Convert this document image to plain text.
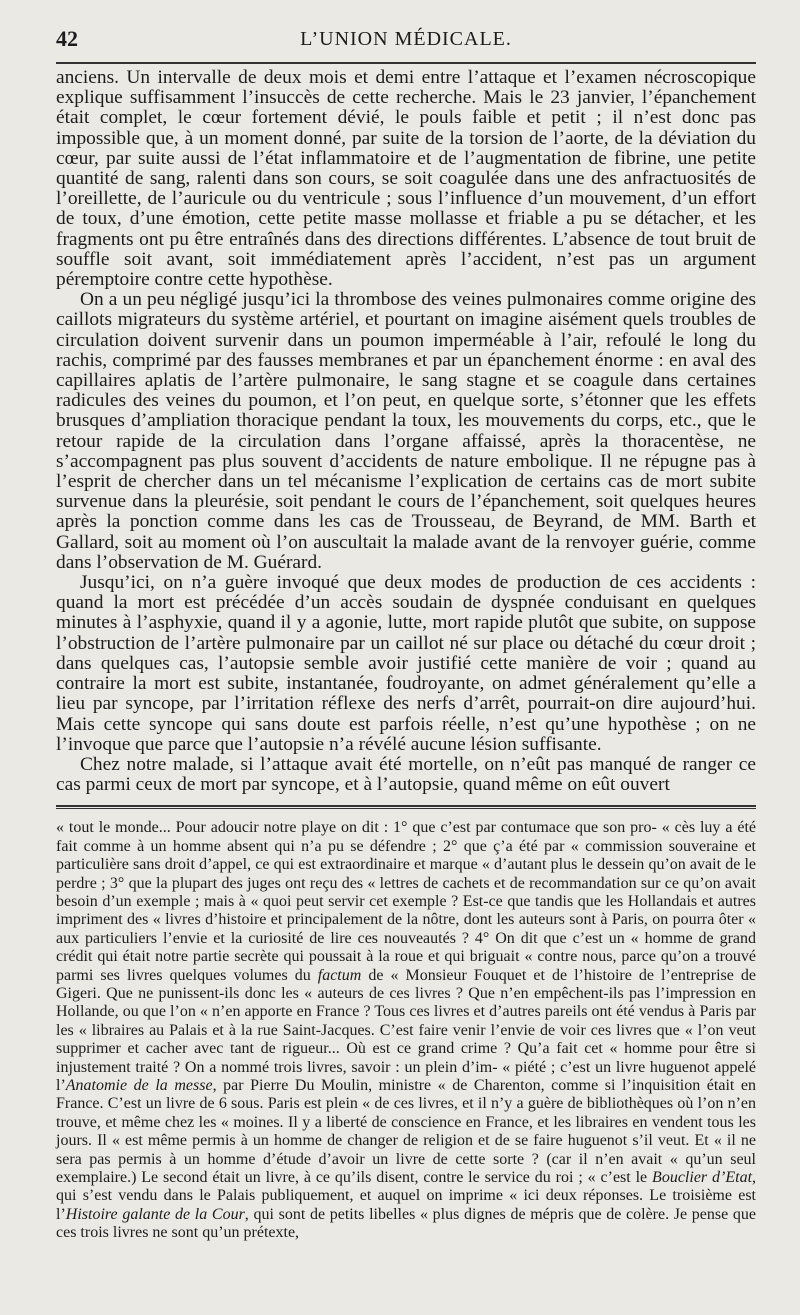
42	L’UNION MÉDICALE.

anciens. Un intervalle de deux mois et demi entre l’attaque et l’examen nécroscopique explique suffisamment l’insuccès de cette recherche. Mais le 23 janvier, l’épanchement était complet, le cœur fortement dévié, le pouls faible et petit ; il n’est donc pas impossible que, à un moment donné, par suite de la torsion de l’aorte, de la déviation du cœur, par suite aussi de l’état inflammatoire et de l’augmentation de fibrine, une petite quantité de sang, ralenti dans son cours, se soit coagulée dans une des anfractuosités de l’oreillette, de l’auricule ou du ventricule ; sous l’influence d’un mouvement, d’un effort de toux, d’une émotion, cette petite masse mollasse et friable a pu se détacher, et les fragments ont pu être entraînés dans des directions différentes. L’absence de tout bruit de souffle soit avant, soit immédiatement après l’accident, n’est pas un argument péremptoire contre cette hypothèse.

On a un peu négligé jusqu’ici la thrombose des veines pulmonaires comme origine des caillots migrateurs du système artériel, et pourtant on imagine aisément quels troubles de circulation doivent survenir dans un poumon imperméable à l’air, refoulé le long du rachis, comprimé par des fausses membranes et par un épanchement énorme : en aval des capillaires aplatis de l’artère pulmonaire, le sang stagne et se coagule dans certaines radicules des veines du poumon, et l’on peut, en quelque sorte, s’étonner que les effets brusques d’ampliation thoracique pendant la toux, les mouvements du corps, etc., que le retour rapide de la circulation dans l’organe affaissé, après la thoracentèse, ne s’accompagnent pas plus souvent d’accidents de nature embolique. Il ne répugne pas à l’esprit de chercher dans un tel mécanisme l’explication de certains cas de mort subite survenue dans la pleurésie, soit pendant le cours de l’épanchement, soit quelques heures après la ponction comme dans les cas de Trousseau, de Beyrand, de MM. Barth et Gallard, soit au moment où l’on auscultait la malade avant de la renvoyer guérie, comme dans l’observation de M. Guérard.

Jusqu’ici, on n’a guère invoqué que deux modes de production de ces accidents : quand la mort est précédée d’un accès soudain de dyspnée conduisant en quelques minutes à l’asphyxie, quand il y a agonie, lutte, mort rapide plutôt que subite, on suppose l’obstruction de l’artère pulmonaire par un caillot né sur place ou détaché du cœur droit ; dans quelques cas, l’autopsie semble avoir justifié cette manière de voir ; quand au contraire la mort est subite, instantanée, foudroyante, on admet généralement qu’elle a lieu par syncope, par l’irritation réflexe des nerfs d’arrêt, pourrait-on dire aujourd’hui. Mais cette syncope qui sans doute est parfois réelle, n’est qu’une hypothèse ; on ne l’invoque que parce que l’autopsie n’a révélé aucune lésion suffisante.

Chez notre malade, si l’attaque avait été mortelle, on n’eût pas manqué de ranger ce cas parmi ceux de mort par syncope, et à l’autopsie, quand même on eût ouvert

« tout le monde... Pour adoucir notre playe on dit : 1° que c’est par contumace que son pro- « cès luy a été fait comme à un homme absent qui n’a pu se défendre ; 2° que ç’a été par « commission souveraine et particulière sans droit d’appel, ce qui est extraordinaire et marque « d’autant plus le dessein qu’on avait de le perdre ; 3° que la plupart des juges ont reçu des « lettres de cachets et de recommandation sur ce qu’on avait besoin d’un exemple ; mais à « quoi peut servir cet exemple ? Est-ce que tandis que les Hollandais et autres impriment des « livres d’histoire et principalement de la nôtre, dont les auteurs sont à Paris, on pourra ôter « aux particuliers l’envie et la curiosité de lire ces nouveautés ? 4° On dit que c’est un « homme de grand crédit qui était notre partie secrète qui poussait à la roue et qui briguait « contre nous, parce qu’on a trouvé parmi ses livres quelques volumes du factum de « Monsieur Fouquet et de l’histoire de l’entreprise de Gigeri. Que ne punissent-ils donc les « auteurs de ces livres ? Que n’en empêchent-ils pas l’impression en Hollande, ou que l’on « n’en apporte en France ? Tous ces livres et d’autres pareils ont été vendus à Paris par les « libraires au Palais et à la rue Saint-Jacques. C’est faire venir l’envie de voir ces livres que « l’on veut supprimer et cacher avec tant de rigueur... Où est ce grand crime ? Qu’a fait cet « homme pour être si injustement traité ? On a nommé trois livres, savoir : un plein d’im- « piété ; c’est un livre huguenot appelé l’Anatomie de la messe, par Pierre Du Moulin, ministre « de Charenton, comme si l’inquisition était en France. C’est un livre de 6 sous. Paris est plein « de ces livres, et il n’y a guère de bibliothèques où l’on n’en trouve, et même chez les « moines. Il y a liberté de conscience en France, et les libraires en vendent tous les jours. Il « est même permis à un homme de changer de religion et de se faire huguenot s’il veut. Et « il ne sera pas permis à un homme d’étude d’avoir un livre de cette sorte ? (car il n’en avait « qu’un seul exemplaire.) Le second était un livre, à ce qu’ils disent, contre le service du roi ; « c’est le Bouclier d’Etat, qui s’est vendu dans le Palais publiquement, et auquel on imprime « ici deux réponses. Le troisième est l’Histoire galante de la Cour, qui sont de petits libelles « plus dignes de mépris que de colère. Je pense que ces trois livres ne sont qu’un prétexte,
